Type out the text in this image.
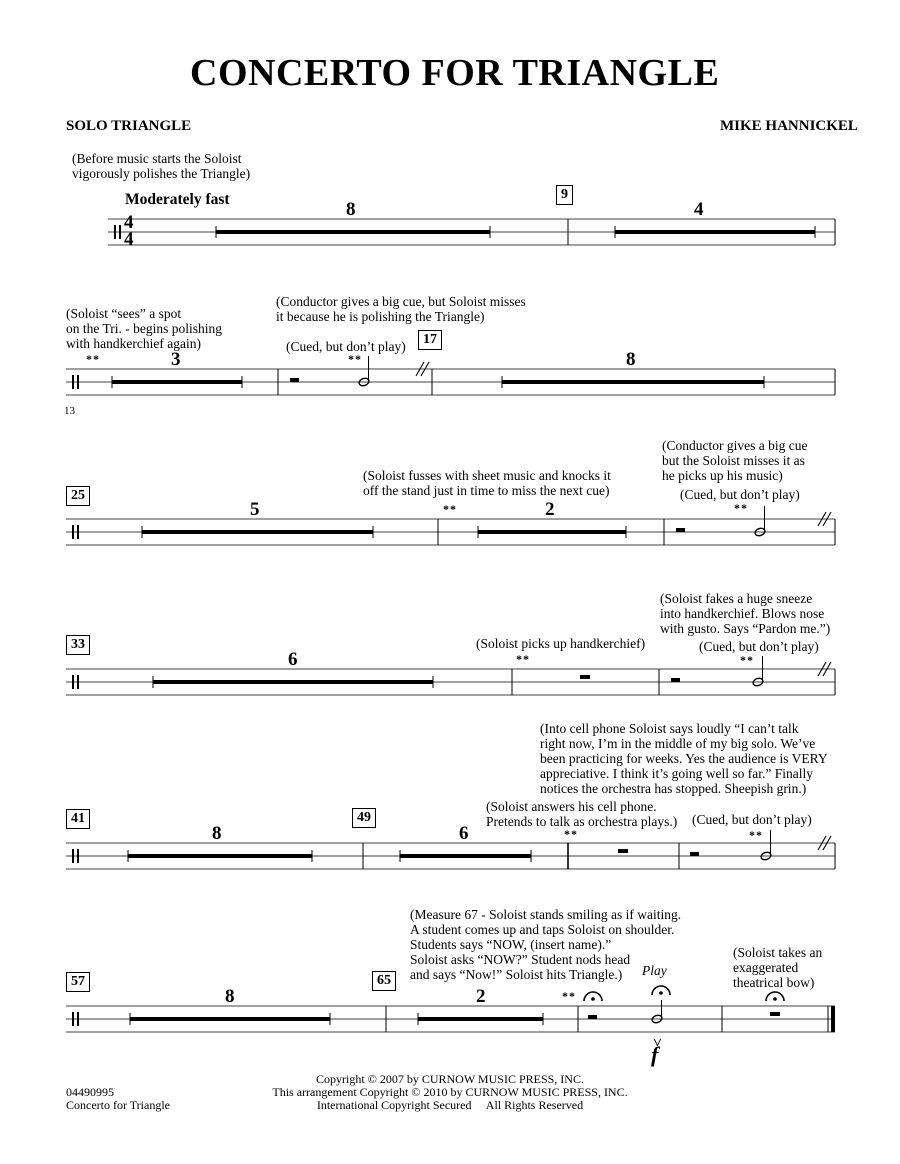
CONCERTO FOR TRIANGLE
SOLO TRIANGLE	MIKE HANNICKEL
(Before music starts the Soloist
vigorously polishes the Triangle)
Moderately fast	9
8	4
4
4
(Soloist “sees” a spot
on the Tri. - begins polishing
with handkerchief again)
(Conductor gives a big cue, but Soloist misses
it because he is polishing the Triangle)
(Cued, but don’t play)	17
**	**
3	8
13
25
(Soloist fusses with sheet music and knocks it
off the stand just in time to miss the next cue)
(Conductor gives a big cue
but the Soloist misses it as
he picks up his music)
(Cued, but don’t play)
**	**
5	2
33	(Soloist picks up handkerchief)
(Soloist fakes a huge sneeze
into handkerchief. Blows nose
with gusto. Says “Pardon me.”)
(Cued, but don’t play)
**	**
6
(Into cell phone Soloist says loudly “I can’t talk
right now, I’m in the middle of my big solo. We’ve
been practicing for weeks. Yes the audience is VERY
appreciative. I think it’s going well so far.” Finally
notices the orchestra has stopped. Sheepish grin.)
41	49
(Soloist answers his cell phone.
Pretends to talk as orchestra plays.) (Cued, but don’t play)
**	**
8	6
(Measure 67 - Soloist stands smiling as if waiting.
A student comes up and taps Soloist on shoulder.
Students says “NOW, (insert name).”
Soloist asks “NOW?” Student nods head
and says “Now!” Soloist hits Triangle.)
(Soloist takes an
exaggerated
theatrical bow)
57	65
Play
**
8	2
>
f
Copyright © 2007 by CURNOW MUSIC PRESS, INC.
This arrangement Copyright © 2010 by CURNOW MUSIC PRESS, INC.
International Copyright Secured     All Rights Reserved
04490995
Concerto for Triangle
